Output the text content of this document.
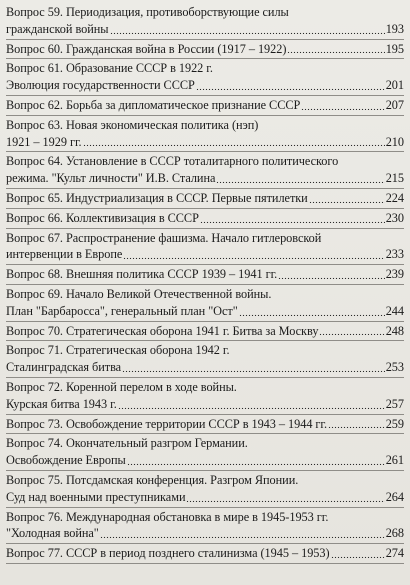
Вопрос 59. Периодизация, противоборствующие силы
гражданской войны	193
Вопрос 60. Гражданская война в России (1917 – 1922)	195
Вопрос 61. Образование СССР в 1922 г.
Эволюция государственности СССР	201
Вопрос 62. Борьба за дипломатическое признание СССР	207
Вопрос 63. Новая экономическая политика (нэп)
1921 – 1929 гг.	210
Вопрос 64. Установление в СССР тоталитарного политического
режима. "Культ личности" И.В. Сталина	215
Вопрос 65. Индустриализация в СССР. Первые пятилетки	224
Вопрос 66. Коллективизация в СССР	230
Вопрос 67. Распространение фашизма. Начало гитлеровской
интервенции в Европе	233
Вопрос 68. Внешняя политика СССР 1939 – 1941 гг.	239
Вопрос 69. Начало Великой Отечественной войны.
План "Барбаросса", генеральный план "Ост"	244
Вопрос 70. Стратегическая оборона 1941 г. Битва за Москву	248
Вопрос 71. Стратегическая оборона 1942 г.
Сталинградская битва	253
Вопрос 72. Коренной перелом в ходе войны.
Курская битва 1943 г.	257
Вопрос 73. Освобождение территории СССР в 1943 – 1944 гг.	259
Вопрос 74. Окончательный разгром Германии.
Освобождение Европы	261
Вопрос 75. Потсдамская конференция. Разгром Японии.
Суд над военными преступниками	264
Вопрос 76. Международная обстановка в мире в 1945-1953 гг.
"Холодная война"	268
Вопрос 77. СССР в период позднего сталинизма (1945 – 1953)	274
